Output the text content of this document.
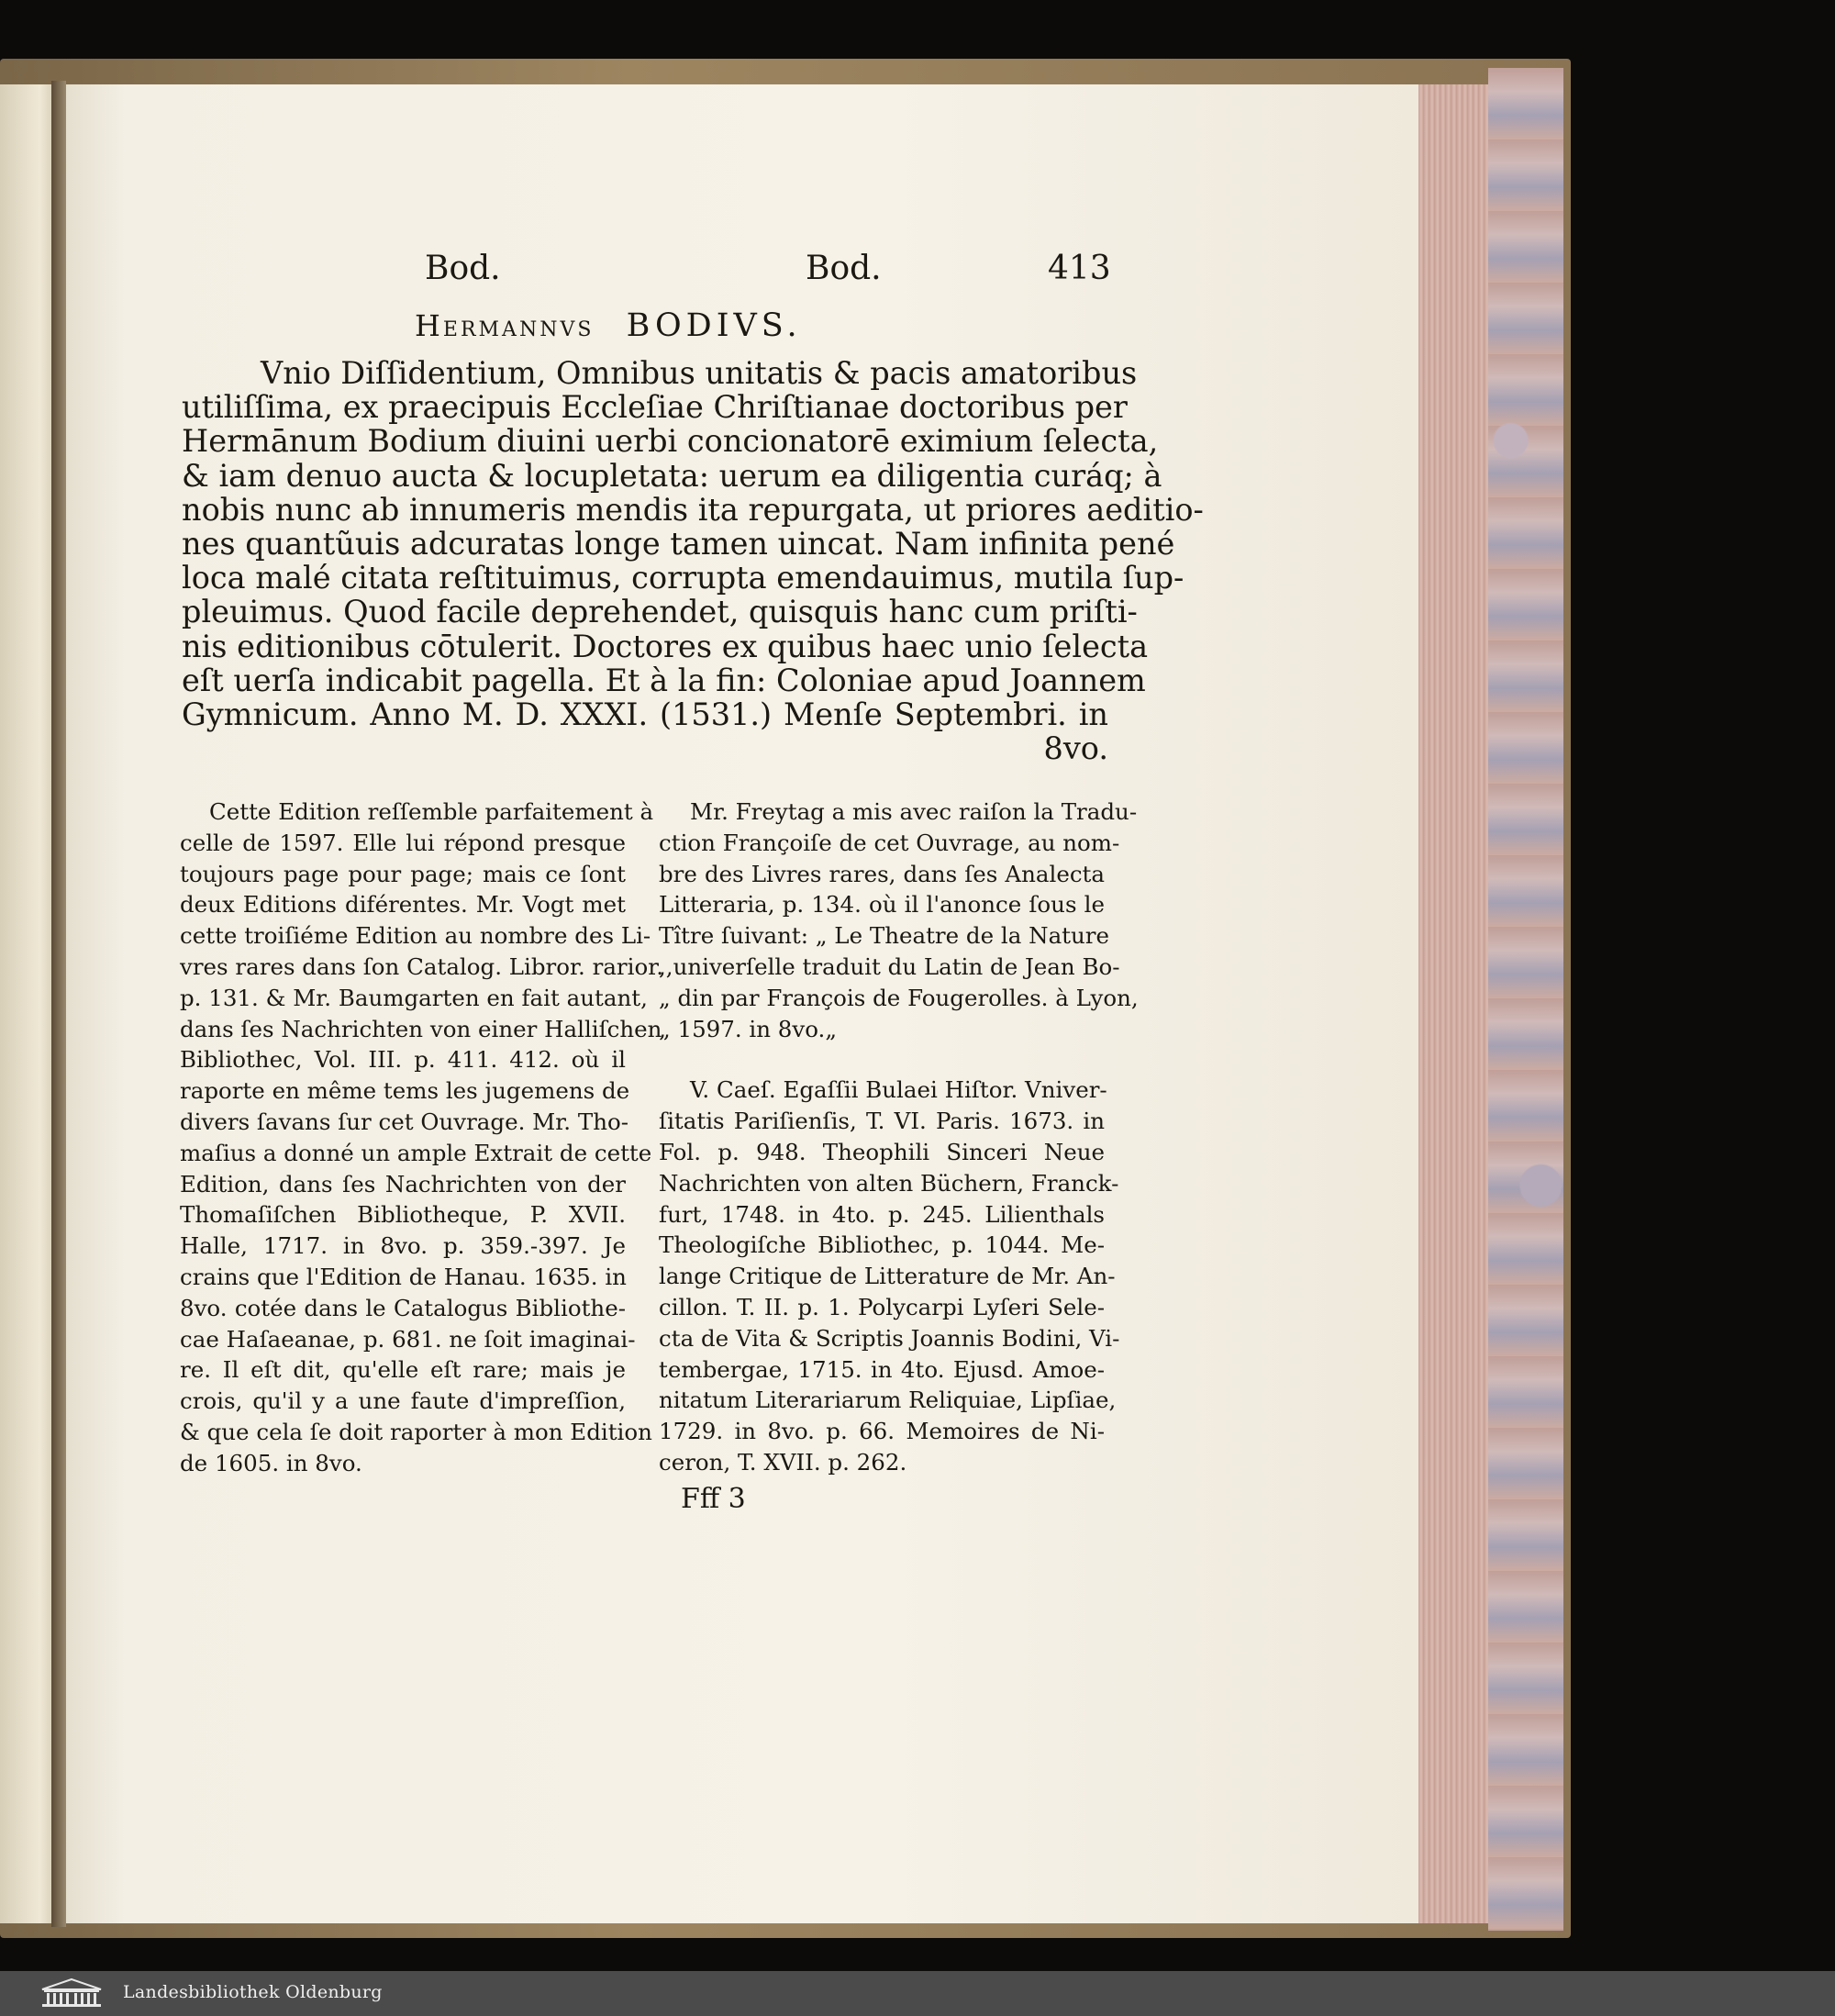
Bod.	Bod.	413
Hermannvs BODIVS.
Vnio Diſſidentium, Omnibus unitatis & pacis amatoribus
utiliſſima, ex praecipuis Eccleſiae Chriſtianae doctoribus per
Hermānum Bodium diuini uerbi concionatorē eximium ſelecta,
& iam denuo aucta & locupletata: uerum ea diligentia curáq; à
nobis nunc ab innumeris mendis ita repurgata, ut priores aeditio-
nes quantũuis adcuratas longe tamen uincat. Nam infinita pené
loca malé citata reſtituimus, corrupta emendauimus, mutila ſup-
pleuimus. Quod facile deprehendet, quisquis hanc cum priſti-
nis editionibus cōtulerit. Doctores ex quibus haec unio ſelecta
eſt uerſa indicabit pagella. Et à la fin: Coloniae apud Joannem
Gymnicum. Anno M. D. XXXI. (1531.) Menſe Septembri. in
8vo.
Cette Edition reſſemble parfaitement à
celle de 1597. Elle lui répond presque
toujours page pour page; mais ce ſont
deux Editions diférentes. Mr. Vogt met
cette troiſiéme Edition au nombre des Li-
vres rares dans ſon Catalog. Libror. rarior.
p. 131. & Mr. Baumgarten en fait autant,
dans ſes Nachrichten von einer Halliſchen
Bibliothec, Vol. III. p. 411. 412. où il
raporte en même tems les jugemens de
divers ſavans ſur cet Ouvrage. Mr. Tho-
maſius a donné un ample Extrait de cette
Edition, dans ſes Nachrichten von der
Thomaſiſchen Bibliotheque, P. XVII.
Halle, 1717. in 8vo. p. 359.-397. Je
crains que l'Edition de Hanau. 1635. in
8vo. cotée dans le Catalogus Bibliothe-
cae Haſaeanae, p. 681. ne ſoit imaginai-
re. Il eſt dit, qu'elle eſt rare; mais je
crois, qu'il y a une faute d'impreſſion,
& que cela ſe doit raporter à mon Edition
de 1605. in 8vo.
Mr. Freytag a mis avec raiſon la Tradu-
ction Françoiſe de cet Ouvrage, au nom-
bre des Livres rares, dans ſes Analecta
Litteraria, p. 134. où il l'anonce ſous le
Tître ſuivant: „ Le Theatre de la Nature
,,univerſelle traduit du Latin de Jean Bo-
„ din par François de Fougerolles. à Lyon,
„ 1597. in 8vo.„
V. Caeſ. Egaſſii Bulaei Hiſtor. Vniver-
ſitatis Pariſienſis, T. VI. Paris. 1673. in
Fol. p. 948. Theophili Sinceri Neue
Nachrichten von alten Büchern, Franck-
furt, 1748. in 4to. p. 245. Lilienthals
Theologiſche Bibliothec, p. 1044. Me-
lange Critique de Litterature de Mr. An-
cillon. T. II. p. 1. Polycarpi Lyſeri Sele-
cta de Vita & Scriptis Joannis Bodini, Vi-
tembergae, 1715. in 4to. Ejusd. Amoe-
nitatum Literariarum Reliquiae, Lipſiae,
1729. in 8vo. p. 66. Memoires de Ni-
ceron, T. XVII. p. 262.
Fff 3
Landesbibliothek Oldenburg
